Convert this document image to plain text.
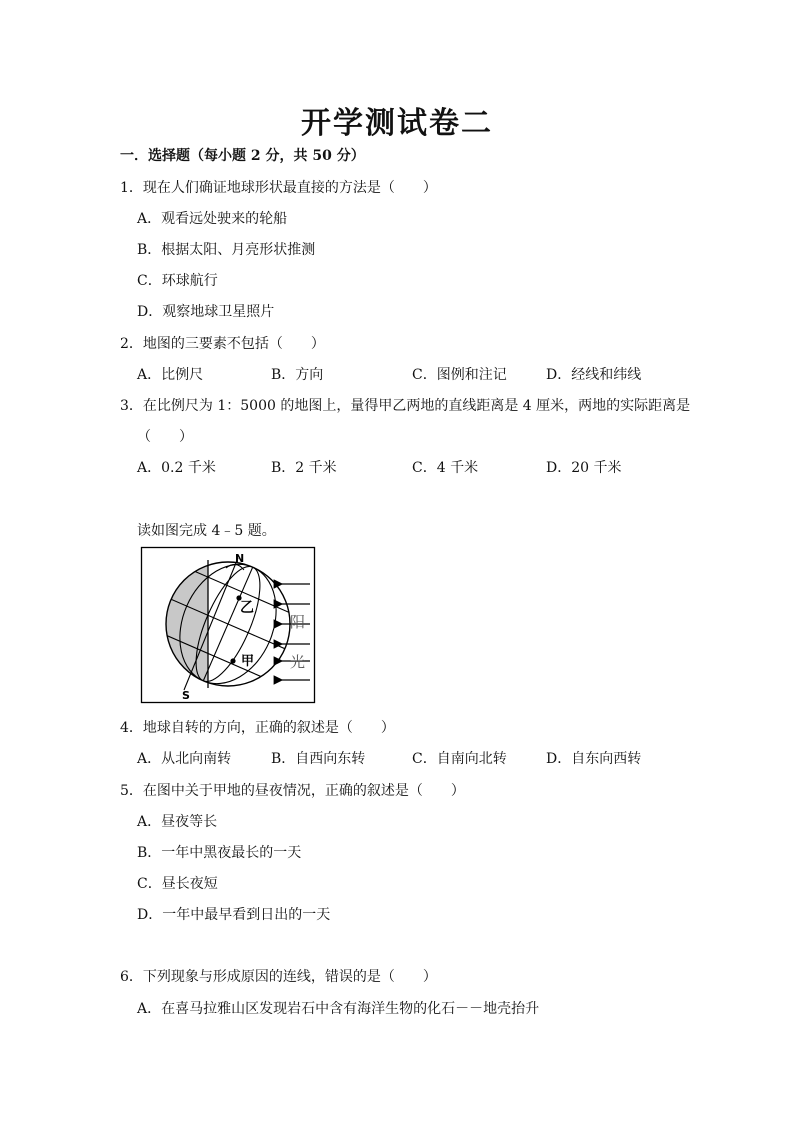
开学测试卷二
一．选择题（每小题 2 分，共 50 分）
1．现在人们确证地球形状最直接的方法是（　　）
A．观看远处驶来的轮船
B．根据太阳、月亮形状推测
C．环球航行
D．观察地球卫星照片
2．地图的三要素不包括（　　）
A．比例尺	B．方向	C．图例和注记	D．经线和纬线
3．在比例尺为 1：5000 的地图上，量得甲乙两地的直线距离是 4 厘米，两地的实际距离是
（　　）
A．0.2 千米	B．2 千米	C．4 千米	D．20 千米
读如图完成 4﹣5 题。
N
S
乙
甲
阳
光
4．地球自转的方向，正确的叙述是（　　）
A．从北向南转	B．自西向东转	C．自南向北转	D．自东向西转
5．在图中关于甲地的昼夜情况，正确的叙述是（　　）
A．昼夜等长
B．一年中黑夜最长的一天
C．昼长夜短
D．一年中最早看到日出的一天
6．下列现象与形成原因的连线，错误的是（　　）
A．在喜马拉雅山区发现岩石中含有海洋生物的化石－－地壳抬升
